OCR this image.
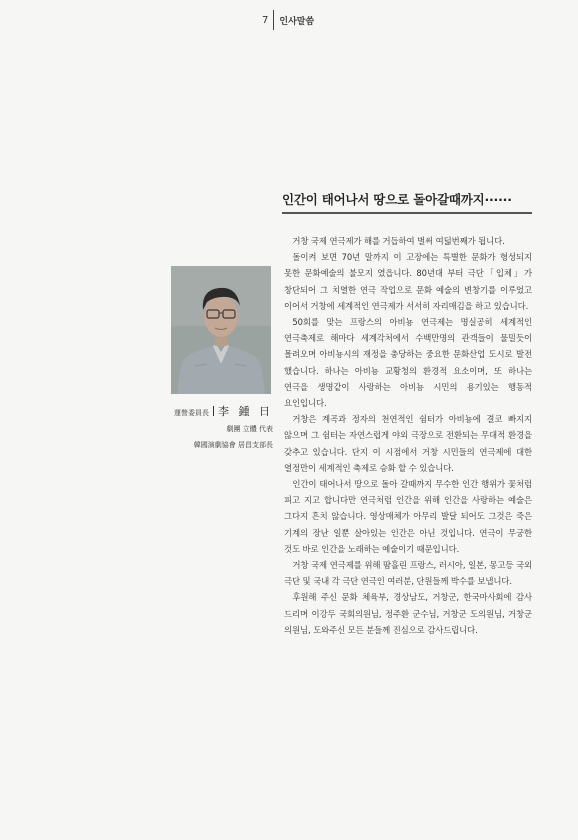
7	인사말씀
인간이 태어나서 땅으로 돌아갈때까지······
運營委員長 李 鍾 日
劇團 立體 代表
韓國演劇協會 居昌支部長

거창 국제 연극제가 해를 거듭하여 벌써 여덟번째가 됩니다.

돌이켜 보면 70년 말까지 이 고장에는 특별한 문화가 형성되지 못한 문화예술의 불모지 였읍니다. 80년대 부터 극단「입체」가 창단되어 그 치열한 연극 작업으로 문화 예술의 변창기를 이루었고 이어서 거창에 세계적인 연극제가 서서히 자리매김을 하고 있습니다.

50회를 맞는 프랑스의 아비뇽 연극제는 명실공히 세계적인 연극축제로 해마다 세계각처에서 수백만명의 관객들이 물밀듯이 몰려오며 아비뇽시의 재정을 충당하는 중요한 문화산업 도시로 발전 했습니다. 하나는 아비뇽 교황청의 환경적 요소이며, 또 하나는 연극을 생명같이 사랑하는 아비뇽 시민의 용기있는 행동적 요인입니다.

거창은 계곡과 정자의 천연적인 쉼터가 아비뇽에 결코 빠지지 않으며 그 쉼터는 자연스럽게 야외 극장으로 전환되는 무대적 환경을 갖추고 있습니다. 단지 이 시점에서 거창 시민들의 연극제에 대한 열정만이 세계적인 축제로 승화 할 수 있습니다.

인간이 태어나서 땅으로 돌아 갈때까지 무수한 인간 행위가 꽃처럼 피고 지고 합니다만 연극처럼 인간을 위해 인간을 사랑하는 예술은 그다지 흔치 않습니다. 영상매체가 아무리 발달 되어도 그것은 죽은 기계의 장난 일뿐 살아있는 인간은 아닌 것입니다. 연극이 무궁한 것도 바로 인간을 노래하는 예술이기 때문입니다.

거창 국제 연극제를 위해 땀흘린 프랑스, 러시아, 일본, 몽고등 국외 극단 및 국내 각 극단 연극인 여러분, 단원들께 박수를 보냅니다.

후원해 주신 문화 체육부, 경상남도, 거창군, 한국마사회에 감사 드리며 이강두 국회의원님, 정주환 군수님, 거창군 도의원님, 거창군 의원님, 도와주신 모든 분들께 진심으로 감사드립니다.
